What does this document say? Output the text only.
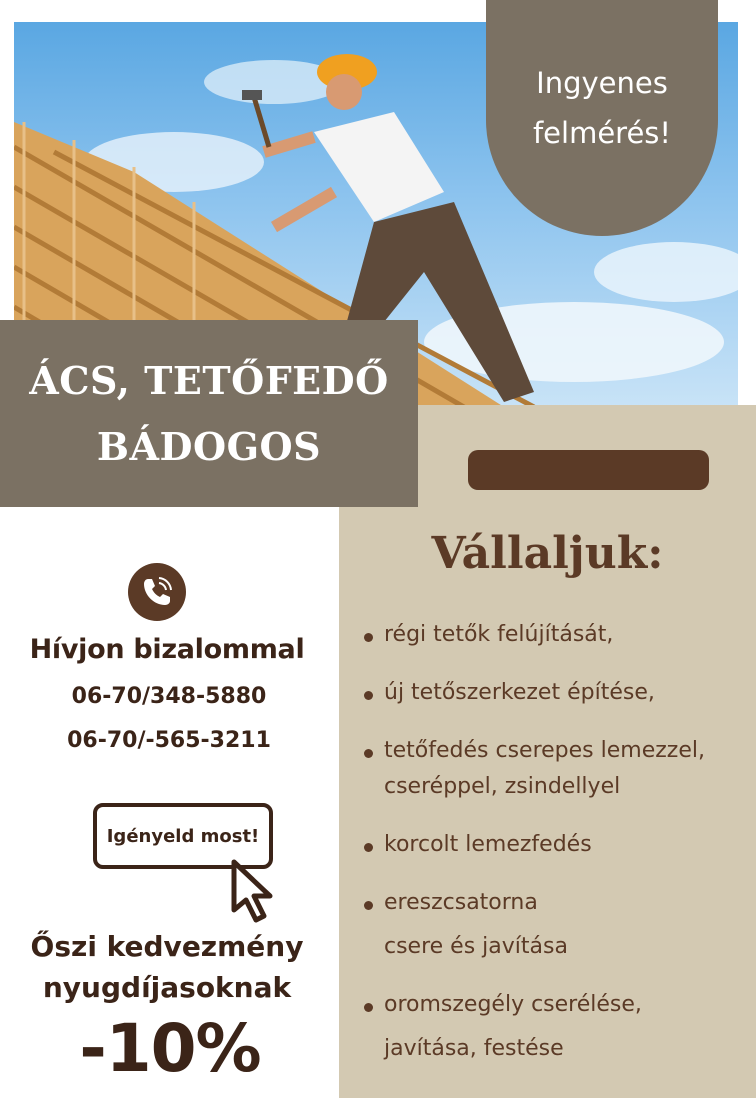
Ingyenes
felmérés!
ÁCS, TETŐFEDŐ
BÁDOGOS
Vállaljuk:
régi tetők felújítását,
új tetőszerkezet építése,
tetőfedés cserepes lemezzel,
cseréppel, zsindellyel
korcolt lemezfedés
ereszcsatorna
csere és javítása
oromszegély cserélése,
javítása, festése
Hívjon bizalommal
06-70/348-5880
06-70/-565-3211
Igényeld most!
Őszi kedvezmény
nyugdíjasoknak
-10%
